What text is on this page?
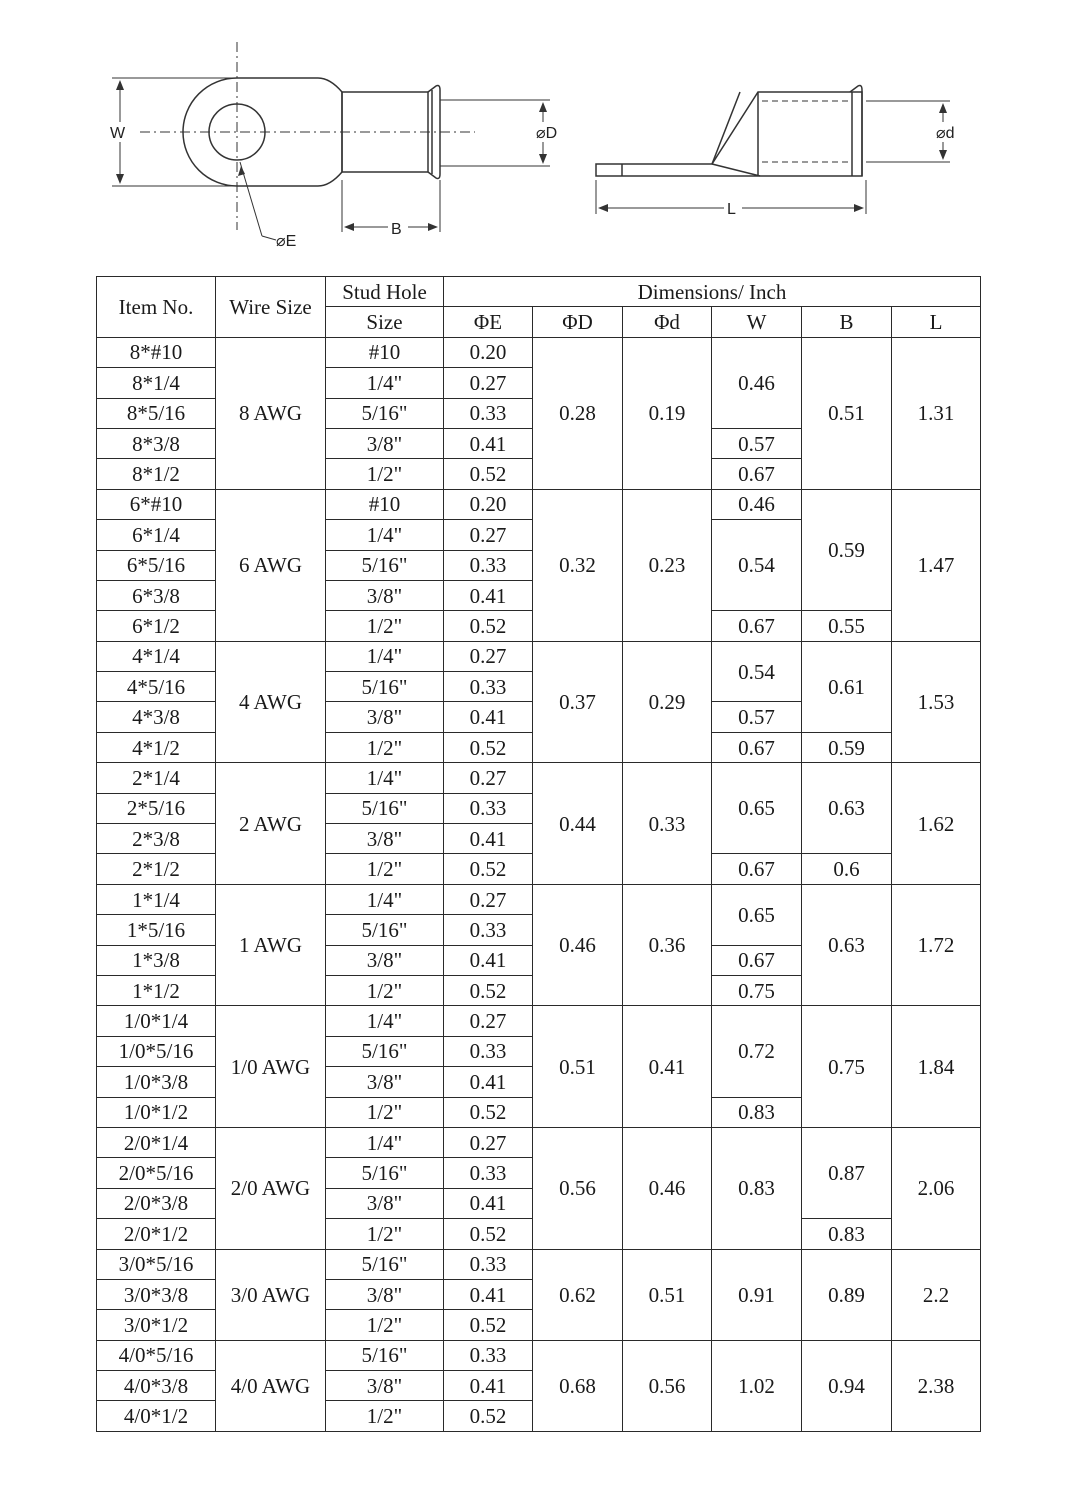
W	⌀D
B
⌀E
⌀d
L
Item No.	Wire Size	Stud Hole	Dimensions/ Inch					
		Size	ΦE	ΦD	Φd	W	B	L
8*#10	8 AWG	#10	0.20	0.28	0.19	0.46	0.51	1.31
8*1/4		1/4"	0.27					
8*5/16		5/16"	0.33					
8*3/8		3/8"	0.41			0.57		
8*1/2		1/2"	0.52			0.67		
6*#10	6 AWG	#10	0.20	0.32	0.23	0.46	0.59	1.47
6*1/4		1/4"	0.27			0.54		
6*5/16		5/16"	0.33					
6*3/8		3/8"	0.41					
6*1/2		1/2"	0.52			0.67	0.55	
4*1/4	4 AWG	1/4"	0.27	0.37	0.29	0.54	0.61	1.53
4*5/16		5/16"	0.33					
4*3/8		3/8"	0.41			0.57		
4*1/2		1/2"	0.52			0.67	0.59	
2*1/4	2 AWG	1/4"	0.27	0.44	0.33	0.65	0.63	1.62
2*5/16		5/16"	0.33					
2*3/8		3/8"	0.41					
2*1/2		1/2"	0.52			0.67	0.6	
1*1/4	1 AWG	1/4"	0.27	0.46	0.36	0.65	0.63	1.72
1*5/16		5/16"	0.33					
1*3/8		3/8"	0.41			0.67		
1*1/2		1/2"	0.52			0.75		
1/0*1/4	1/0 AWG	1/4"	0.27	0.51	0.41	0.72	0.75	1.84
1/0*5/16		5/16"	0.33					
1/0*3/8		3/8"	0.41					
1/0*1/2		1/2"	0.52			0.83		
2/0*1/4	2/0 AWG	1/4"	0.27	0.56	0.46	0.83	0.87	2.06
2/0*5/16		5/16"	0.33					
2/0*3/8		3/8"	0.41					
2/0*1/2		1/2"	0.52				0.83	
3/0*5/16	3/0 AWG	5/16"	0.33	0.62	0.51	0.91	0.89	2.2
3/0*3/8		3/8"	0.41					
3/0*1/2		1/2"	0.52					
4/0*5/16	4/0 AWG	5/16"	0.33	0.68	0.56	1.02	0.94	2.38
4/0*3/8		3/8"	0.41					
4/0*1/2		1/2"	0.52					
